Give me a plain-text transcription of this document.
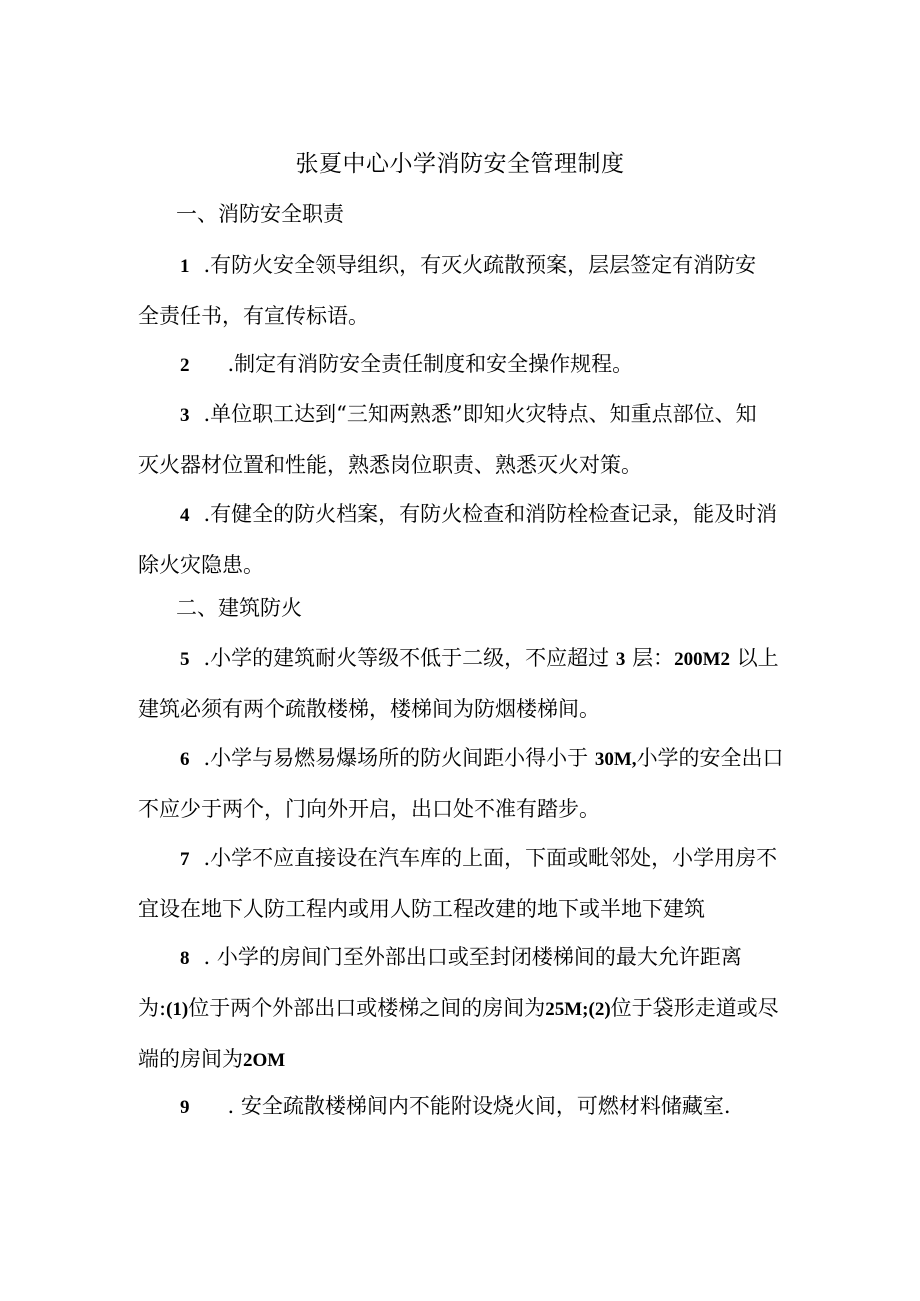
张夏中心小学消防安全管理制度

一、消防安全职责

1 .有防火安全领导组织，有灭火疏散预案，层层签定有消防安
全责任书，有宣传标语。
2 .制定有消防安全责任制度和安全操作规程。
3 .单位职工达到“三知两熟悉”即知火灾特点、知重点部位、知
灭火器材位置和性能，熟悉岗位职责、熟悉灭火对策。
4 .有健全的防火档案，有防火检查和消防栓检查记录，能及时消
除火灾隐患。

二、建筑防火

5 .小学的建筑耐火等级不低于二级，不应超过 3 层：200M2 以上
建筑必须有两个疏散楼梯，楼梯间为防烟楼梯间。
6 .小学与易燃易爆场所的防火间距小得小于 30M,小学的安全出口
不应少于两个，门向外开启，出口处不准有踏步。
7 .小学不应直接设在汽车库的上面，下面或毗邻处，小学用房不
宜设在地下人防工程内或用人防工程改建的地下或半地下建筑
8 . 小学的房间门至外部出口或至封闭楼梯间的最大允许距离
为:(1)位于两个外部出口或楼梯之间的房间为25M;(2)位于袋形走道或尽
端的房间为2OM
9 . 安全疏散楼梯间内不能附设烧火间，可燃材料储藏室.
